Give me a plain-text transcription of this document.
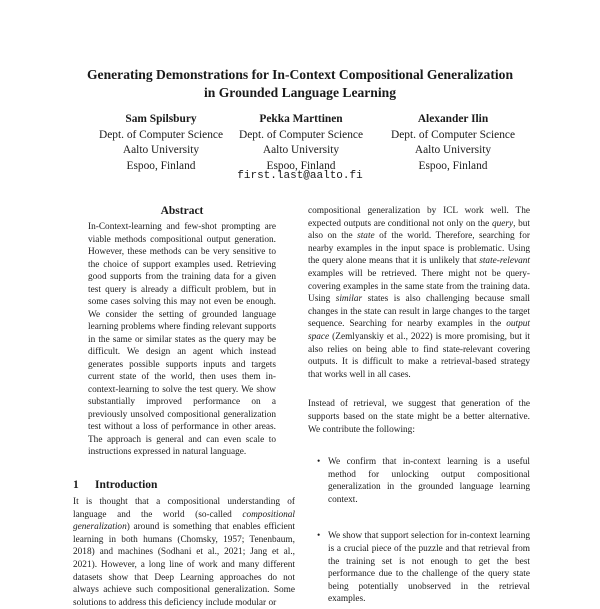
Generating Demonstrations for In-Context Compositional Generalization
in Grounded Language Learning
Sam Spilsbury
Dept. of Computer Science
Aalto University
Espoo, Finland
Pekka Marttinen
Dept. of Computer Science
Aalto University
Espoo, Finland
Alexander Ilin
Dept. of Computer Science
Aalto University
Espoo, Finland
first.last@aalto.fi
Abstract
In-Context-learning and few-shot prompting are viable methods compositional output generation. However, these methods can be very sensitive to the choice of support examples used. Retrieving good supports from the training data for a given test query is already a difficult problem, but in some cases solving this may not even be enough. We consider the setting of grounded language learning problems where finding relevant supports in the same or similar states as the query may be difficult. We design an agent which instead generates possible supports inputs and targets current state of the world, then uses them in-context-learning to solve the test query. We show substantially improved performance on a previously unsolved compositional generalization test without a loss of performance in other areas. The approach is general and can even scale to instructions expressed in natural language.
1 Introduction
It is thought that a compositional understanding of language and the world (so-called compositional generalization) around is something that enables efficient learning in both humans (Chomsky, 1957; Tenenbaum, 2018) and machines (Sodhani et al., 2021; Jang et al., 2021). However, a long line of work and many different datasets show that Deep Learning approaches do not always achieve such compositional generalization. Some solutions to address this deficiency include modular or

compositional generalization by ICL work well. The expected outputs are conditional not only on the query, but also on the state of the world. Therefore, searching for nearby examples in the input space is problematic. Using the query alone means that it is unlikely that state-relevant examples will be retrieved. There might not be query-covering examples in the same state from the training data. Using similar states is also challenging because small changes in the state can result in large changes to the target sequence. Searching for nearby examples in the output space (Zemlyanskiy et al., 2022) is more promising, but it also relies on being able to find state-relevant covering outputs. It is difficult to make a retrieval-based strategy that works well in all cases.

Instead of retrieval, we suggest that generation of the supports based on the state might be a better alternative. We contribute the following:

• We confirm that in-context learning is a useful method for unlocking output compositional generalization in the grounded language learning context.
• We show that support selection for in-context learning is a crucial piece of the puzzle and that retrieval from the training set is not enough to get the best performance due to the challenge of the query state being potentially unobserved in the retrieval examples.
